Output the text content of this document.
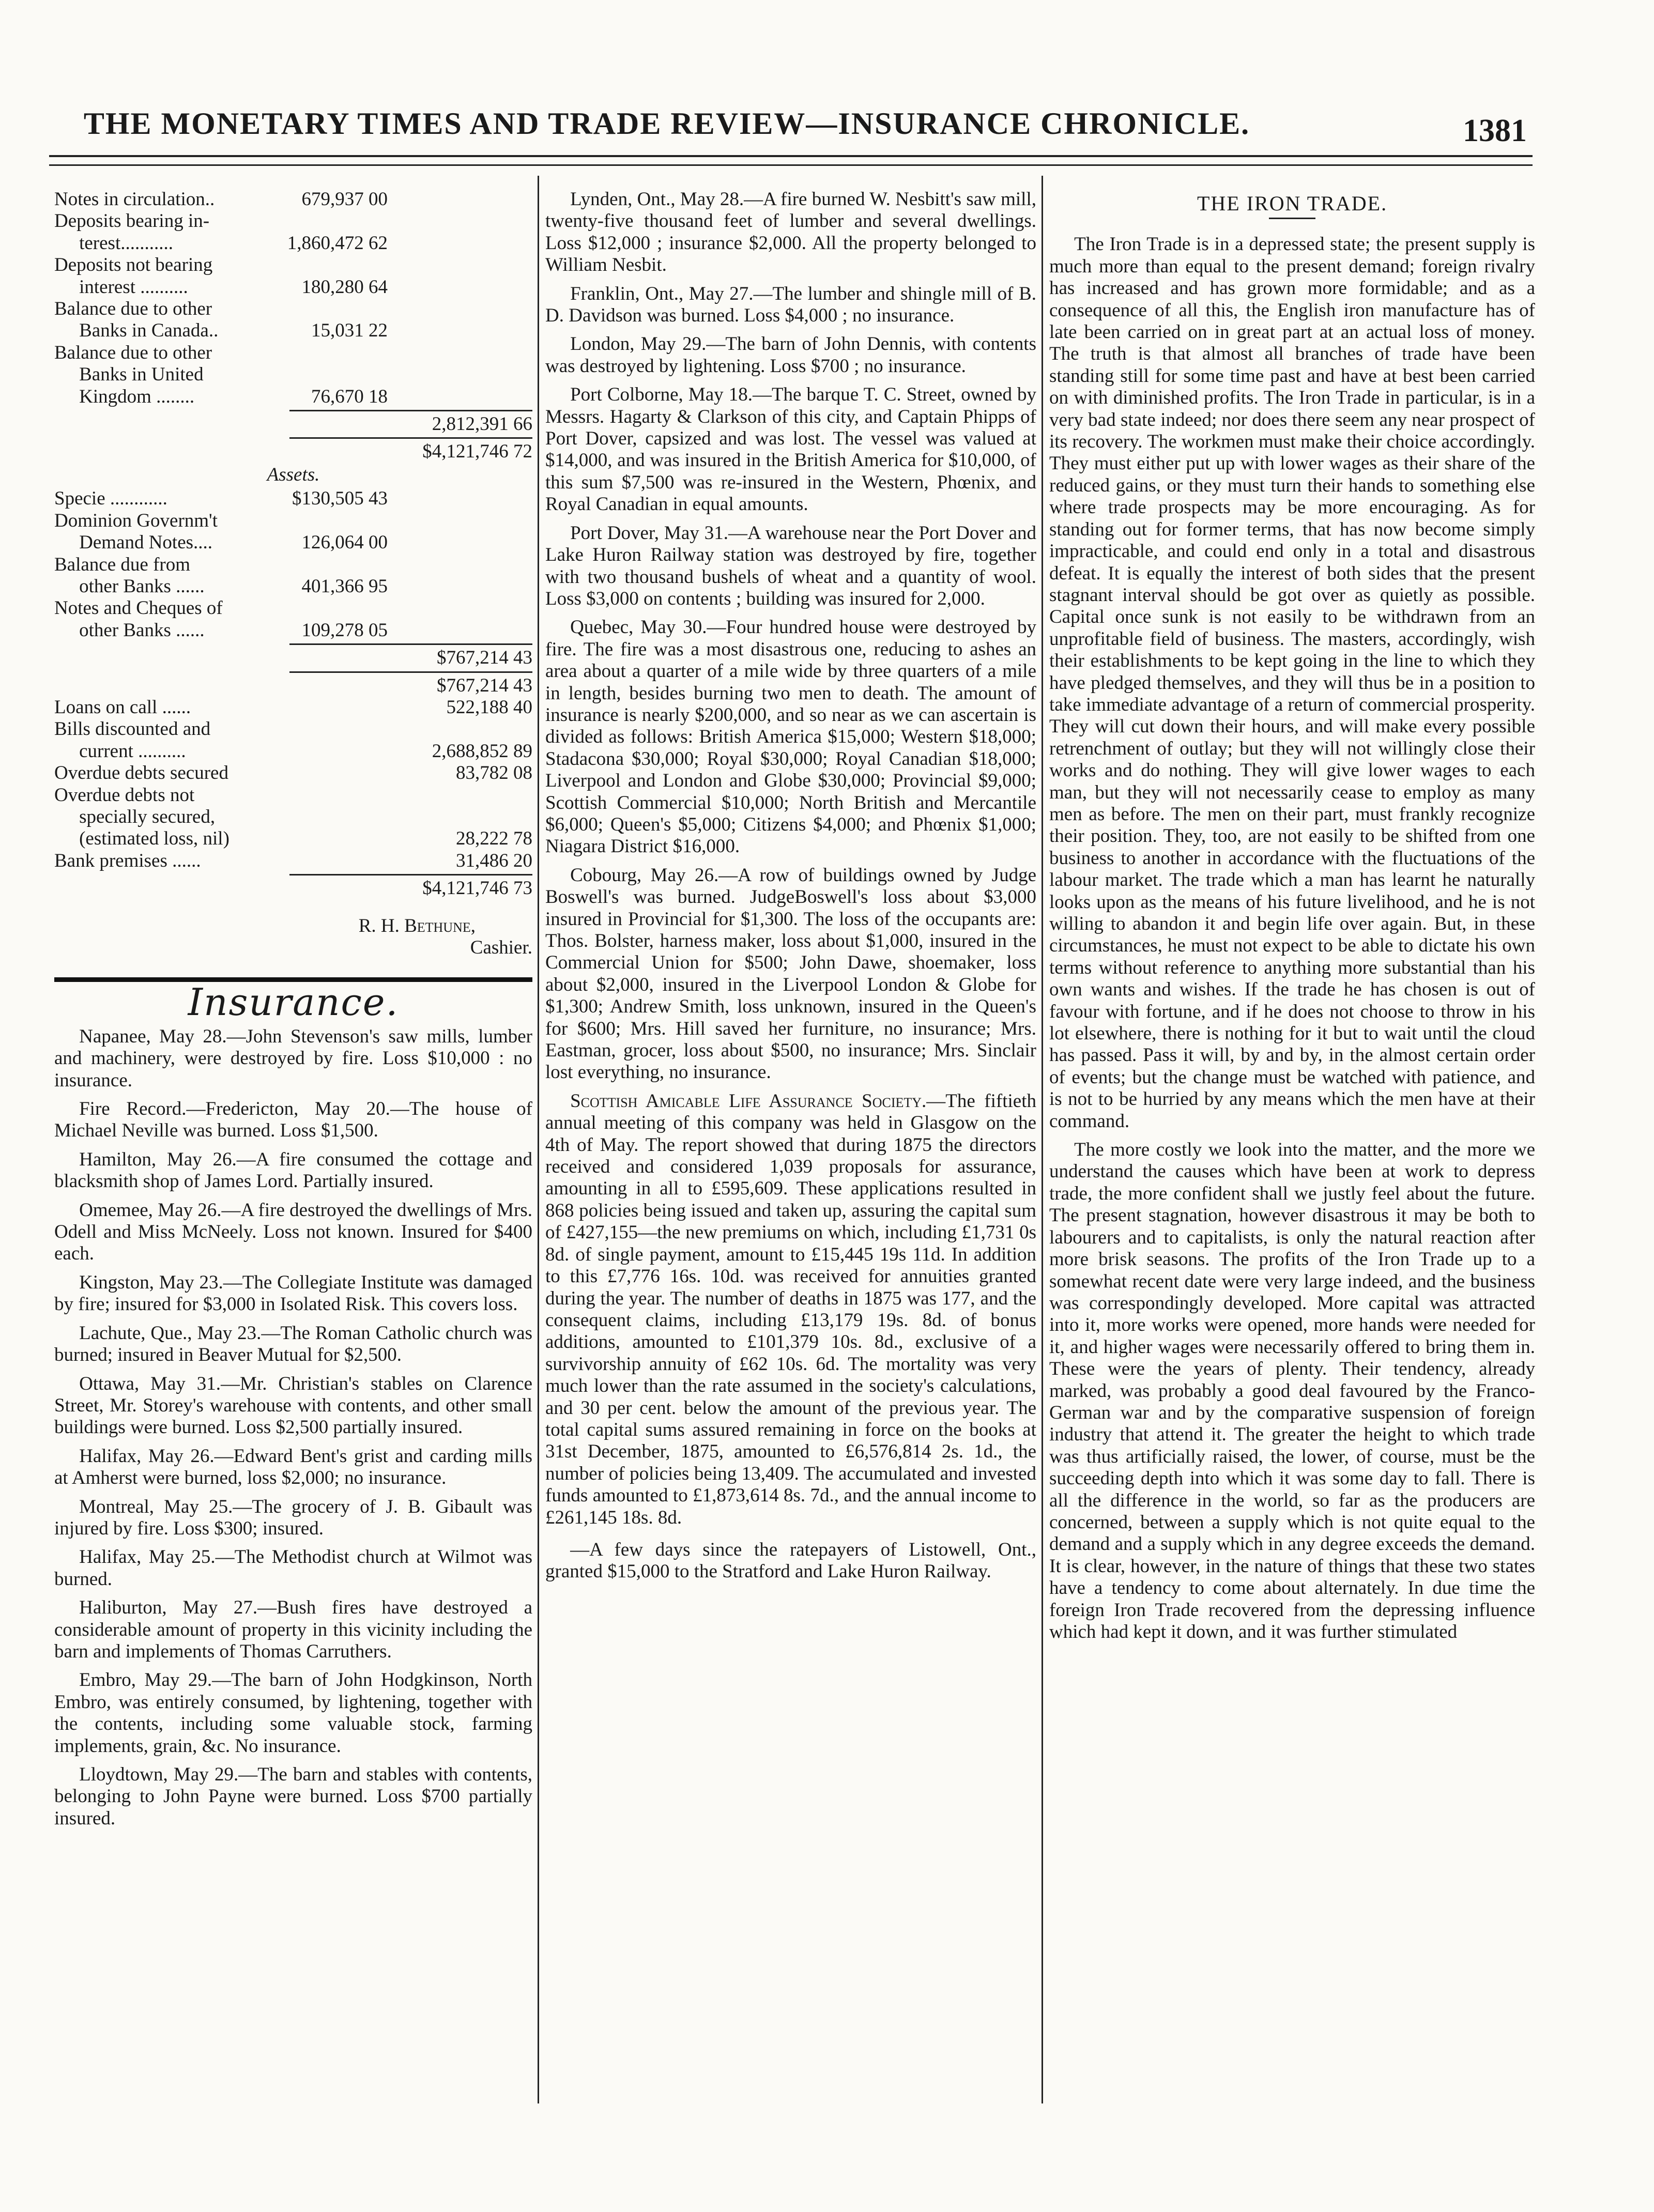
THE MONETARY TIMES AND TRADE REVIEW—INSURANCE CHRONICLE.	1381
Notes in circulation..	679,937 00
Deposits bearing in-
terest...........	1,860,472 62
Deposits not bearing
interest ..........	180,280 64
Balance due to other
Banks in Canada..	15,031 22
Balance due to other
Banks in United
Kingdom ........	76,670 18
2,812,391 66
$4,121,746 72
Assets.
Specie ............	$130,505 43
Dominion Governm't
Demand Notes....	126,064 00
Balance due from
other Banks ......	401,366 95
Notes and Cheques of
other Banks ......	109,278 05
$767,214 43
$767,214 43
Loans on call ......	522,188 40
Bills discounted and
current ..........	2,688,852 89
Overdue debts secured	83,782 08
Overdue debts not
specially secured,
(estimated loss, nil)	28,222 78
Bank premises ......	31,486 20
$4,121,746 73
R. H. Bethune,
Cashier.
Insurance.

Napanee, May 28.—John Stevenson's saw mills, lumber and machinery, were destroyed by fire. Loss $10,000 : no insurance.

Fire Record.—Fredericton, May 20.—The house of Michael Neville was burned. Loss $1,500.

Hamilton, May 26.—A fire consumed the cottage and blacksmith shop of James Lord. Partially insured.

Omemee, May 26.—A fire destroyed the dwellings of Mrs. Odell and Miss McNeely. Loss not known. Insured for $400 each.

Kingston, May 23.—The Collegiate Institute was damaged by fire; insured for $3,000 in Isolated Risk. This covers loss.

Lachute, Que., May 23.—The Roman Catholic church was burned; insured in Beaver Mutual for $2,500.

Ottawa, May 31.—Mr. Christian's stables on Clarence Street, Mr. Storey's warehouse with contents, and other small buildings were burned. Loss $2,500 partially insured.

Halifax, May 26.—Edward Bent's grist and carding mills at Amherst were burned, loss $2,000; no insurance.

Montreal, May 25.—The grocery of J. B. Gibault was injured by fire. Loss $300; insured.

Halifax, May 25.—The Methodist church at Wilmot was burned.

Haliburton, May 27.—Bush fires have destroyed a considerable amount of property in this vicinity including the barn and implements of Thomas Carruthers.

Embro, May 29.—The barn of John Hodgkinson, North Embro, was entirely consumed, by lightening, together with the contents, including some valuable stock, farming implements, grain, &c. No insurance.

Lloydtown, May 29.—The barn and stables with contents, belonging to John Payne were burned. Loss $700 partially insured.

Lynden, Ont., May 28.—A fire burned W. Nesbitt's saw mill, twenty-five thousand feet of lumber and several dwellings. Loss $12,000 ; insurance $2,000. All the property belonged to William Nesbit.

Franklin, Ont., May 27.—The lumber and shingle mill of B. D. Davidson was burned. Loss $4,000 ; no insurance.

London, May 29.—The barn of John Dennis, with contents was destroyed by lightening. Loss $700 ; no insurance.

Port Colborne, May 18.—The barque T. C. Street, owned by Messrs. Hagarty & Clarkson of this city, and Captain Phipps of Port Dover, capsized and was lost. The vessel was valued at $14,000, and was insured in the British America for $10,000, of this sum $7,500 was re-insured in the Western, Phœnix, and Royal Canadian in equal amounts.

Port Dover, May 31.—A warehouse near the Port Dover and Lake Huron Railway station was destroyed by fire, together with two thousand bushels of wheat and a quantity of wool. Loss $3,000 on contents ; building was insured for 2,000.

Quebec, May 30.—Four hundred house were destroyed by fire. The fire was a most disastrous one, reducing to ashes an area about a quarter of a mile wide by three quarters of a mile in length, besides burning two men to death. The amount of insurance is nearly $200,000, and so near as we can ascertain is divided as follows: British America $15,000; Western $18,000; Stadacona $30,000; Royal $30,000; Royal Canadian $18,000; Liverpool and London and Globe $30,000; Provincial $9,000; Scottish Commercial $10,000; North British and Mercantile $6,000; Queen's $5,000; Citizens $4,000; and Phœnix $1,000; Niagara District $16,000.

Cobourg, May 26.—A row of buildings owned by Judge Boswell's was burned. JudgeBoswell's loss about $3,000 insured in Provincial for $1,300. The loss of the occupants are: Thos. Bolster, harness maker, loss about $1,000, insured in the Commercial Union for $500; John Dawe, shoemaker, loss about $2,000, insured in the Liverpool London & Globe for $1,300; Andrew Smith, loss unknown, insured in the Queen's for $600; Mrs. Hill saved her furniture, no insurance; Mrs. Eastman, grocer, loss about $500, no insurance; Mrs. Sinclair lost everything, no insurance.

Scottish Amicable Life Assurance Society.—The fiftieth annual meeting of this company was held in Glasgow on the 4th of May. The report showed that during 1875 the directors received and considered 1,039 proposals for assurance, amounting in all to £595,609. These applications resulted in 868 policies being issued and taken up, assuring the capital sum of £427,155—the new premiums on which, including £1,731 0s 8d. of single payment, amount to £15,445 19s 11d. In addition to this £7,776 16s. 10d. was received for annuities granted during the year. The number of deaths in 1875 was 177, and the consequent claims, including £13,179 19s. 8d. of bonus additions, amounted to £101,379 10s. 8d., exclusive of a survivorship annuity of £62 10s. 6d. The mortality was very much lower than the rate assumed in the society's calculations, and 30 per cent. below the amount of the previous year. The total capital sums assured remaining in force on the books at 31st December, 1875, amounted to £6,576,814 2s. 1d., the number of policies being 13,409. The accumulated and invested funds amounted to £1,873,614 8s. 7d., and the annual income to £261,145 18s. 8d.

—A few days since the ratepayers of Listowell, Ont., granted $15,000 to the Stratford and Lake Huron Railway.

THE IRON TRADE.

The Iron Trade is in a depressed state; the present supply is much more than equal to the present demand; foreign rivalry has increased and has grown more formidable; and as a consequence of all this, the English iron manufacture has of late been carried on in great part at an actual loss of money. The truth is that almost all branches of trade have been standing still for some time past and have at best been carried on with diminished profits. The Iron Trade in particular, is in a very bad state indeed; nor does there seem any near prospect of its recovery. The workmen must make their choice accordingly. They must either put up with lower wages as their share of the reduced gains, or they must turn their hands to something else where trade prospects may be more encouraging. As for standing out for former terms, that has now become simply impracticable, and could end only in a total and disastrous defeat. It is equally the interest of both sides that the present stagnant interval should be got over as quietly as possible. Capital once sunk is not easily to be withdrawn from an unprofitable field of business. The masters, accordingly, wish their establishments to be kept going in the line to which they have pledged themselves, and they will thus be in a position to take immediate advantage of a return of commercial prosperity. They will cut down their hours, and will make every possible retrenchment of outlay; but they will not willingly close their works and do nothing. They will give lower wages to each man, but they will not necessarily cease to employ as many men as before. The men on their part, must frankly recognize their position. They, too, are not easily to be shifted from one business to another in accordance with the fluctuations of the labour market. The trade which a man has learnt he naturally looks upon as the means of his future livelihood, and he is not willing to abandon it and begin life over again. But, in these circumstances, he must not expect to be able to dictate his own terms without reference to anything more substantial than his own wants and wishes. If the trade he has chosen is out of favour with fortune, and if he does not choose to throw in his lot elsewhere, there is nothing for it but to wait until the cloud has passed. Pass it will, by and by, in the almost certain order of events; but the change must be watched with patience, and is not to be hurried by any means which the men have at their command.

The more costly we look into the matter, and the more we understand the causes which have been at work to depress trade, the more confident shall we justly feel about the future. The present stagnation, however disastrous it may be both to labourers and to capitalists, is only the natural reaction after more brisk seasons. The profits of the Iron Trade up to a somewhat recent date were very large indeed, and the business was correspondingly developed. More capital was attracted into it, more works were opened, more hands were needed for it, and higher wages were necessarily offered to bring them in. These were the years of plenty. Their tendency, already marked, was probably a good deal favoured by the Franco-German war and by the comparative suspension of foreign industry that attend it. The greater the height to which trade was thus artificially raised, the lower, of course, must be the succeeding depth into which it was some day to fall. There is all the difference in the world, so far as the producers are concerned, between a supply which is not quite equal to the demand and a supply which in any degree exceeds the demand. It is clear, however, in the nature of things that these two states have a tendency to come about alternately. In due time the foreign Iron Trade recovered from the depressing influence which had kept it down, and it was further stimulated
